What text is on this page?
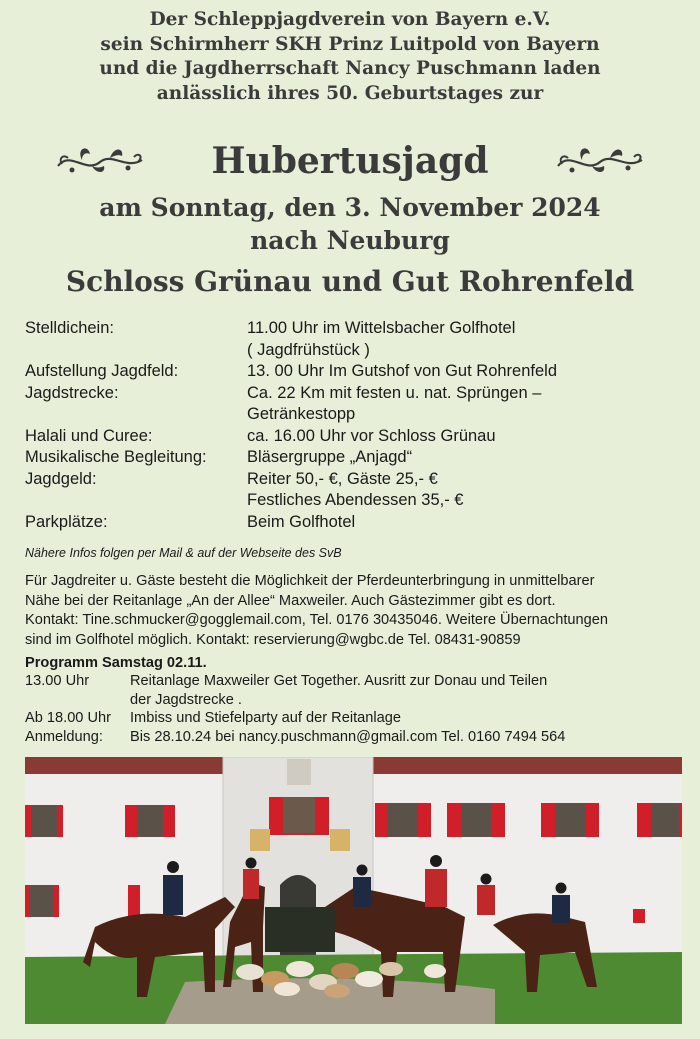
Der Schleppjagdverein von Bayern e.V.
sein Schirmherr SKH Prinz Luitpold von Bayern
und die Jagdherrschaft Nancy Puschmann laden
anlässlich ihres 50. Geburtstages zur
Hubertusjagd
am Sonntag, den 3. November 2024
nach Neuburg
Schloss Grünau und Gut Rohrenfeld
Stelldichein:	11.00 Uhr im Wittelsbacher Golfhotel
( Jagdfrühstück )
Aufstellung Jagdfeld:	13. 00 Uhr Im Gutshof von Gut Rohrenfeld
Jagdstrecke:	Ca. 22 Km mit festen u. nat. Sprüngen –
Getränkestopp
Halali und Curee:	ca. 16.00 Uhr vor Schloss Grünau
Musikalische Begleitung: Bläsergruppe „Anjagd“
Jagdgeld:	Reiter 50,- €, Gäste 25,- €
Festliches Abendessen 35,- €
Parkplätze:	Beim Golfhotel
Nähere Infos folgen per Mail & auf der Webseite des SvB
Für Jagdreiter u. Gäste besteht die Möglichkeit der Pferdeunterbringung in unmittelbarer
Nähe bei der Reitanlage „An der Allee“ Maxweiler. Auch Gästezimmer gibt es dort.
Kontakt: Tine.schmucker@gogglemail.com, Tel. 0176 30435046. Weitere Übernachtungen
sind im Golfhotel möglich. Kontakt: reservierung@wgbc.de Tel. 08431-90859
Programm Samstag 02.11.
13.00 Uhr	Reitanlage Maxweiler Get Together. Ausritt zur Donau und Teilen
der Jagdstrecke .
Ab 18.00 Uhr Imbiss und Stiefelparty auf der Reitanlage
Anmeldung: Bis 28.10.24 bei nancy.puschmann@gmail.com Tel. 0160 7494 564
